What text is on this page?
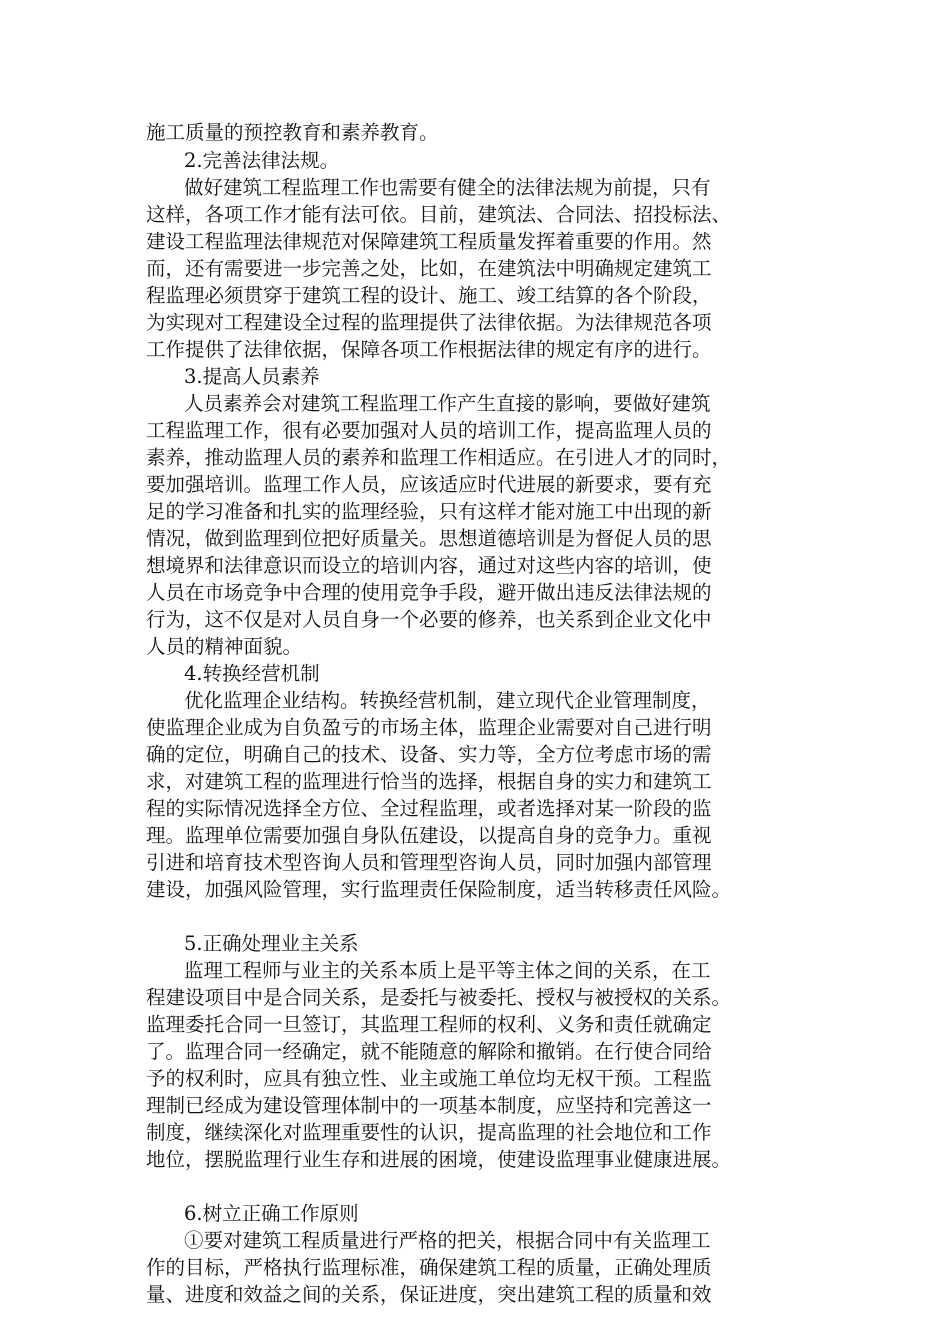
施工质量的预控教育和素养教育。

2.完善法律法规。

做好建筑工程监理工作也需要有健全的法律法规为前提，只有

这样，各项工作才能有法可依。目前，建筑法、合同法、招投标法、

建设工程监理法律规范对保障建筑工程质量发挥着重要的作用。然

而，还有需要进一步完善之处，比如，在建筑法中明确规定建筑工

程监理必须贯穿于建筑工程的设计、施工、竣工结算的各个阶段，

为实现对工程建设全过程的监理提供了法律依据。为法律规范各项

工作提供了法律依据，保障各项工作根据法律的规定有序的进行。

3.提高人员素养

人员素养会对建筑工程监理工作产生直接的影响，要做好建筑

工程监理工作，很有必要加强对人员的培训工作，提高监理人员的

素养，推动监理人员的素养和监理工作相适应。在引进人才的同时，

要加强培训。监理工作人员，应该适应时代进展的新要求，要有充

足的学习准备和扎实的监理经验，只有这样才能对施工中出现的新

情况，做到监理到位把好质量关。思想道德培训是为督促人员的思

想境界和法律意识而设立的培训内容，通过对这些内容的培训，使

人员在市场竞争中合理的使用竞争手段，避开做出违反法律法规的

行为，这不仅是对人员自身一个必要的修养，也关系到企业文化中

人员的精神面貌。

4.转换经营机制

优化监理企业结构。转换经营机制，建立现代企业管理制度，

使监理企业成为自负盈亏的市场主体，监理企业需要对自己进行明

确的定位，明确自己的技术、设备、实力等，全方位考虑市场的需

求，对建筑工程的监理进行恰当的选择，根据自身的实力和建筑工

程的实际情况选择全方位、全过程监理，或者选择对某一阶段的监

理。监理单位需要加强自身队伍建设，以提高自身的竞争力。重视

引进和培育技术型咨询人员和管理型咨询人员，同时加强内部管理

建设，加强风险管理，实行监理责任保险制度，适当转移责任风险。

5.正确处理业主关系

监理工程师与业主的关系本质上是平等主体之间的关系，在工

程建设项目中是合同关系，是委托与被委托、授权与被授权的关系。

监理委托合同一旦签订，其监理工程师的权利、义务和责任就确定

了。监理合同一经确定，就不能随意的解除和撤销。在行使合同给

予的权利时，应具有独立性、业主或施工单位均无权干预。工程监

理制已经成为建设管理体制中的一项基本制度，应坚持和完善这一

制度，继续深化对监理重要性的认识，提高监理的社会地位和工作

地位，摆脱监理行业生存和进展的困境，使建设监理事业健康进展。

6.树立正确工作原则

①要对建筑工程质量进行严格的把关，根据合同中有关监理工

作的目标，严格执行监理标准，确保建筑工程的质量，正确处理质

量、进度和效益之间的关系，保证进度，突出建筑工程的质量和效
